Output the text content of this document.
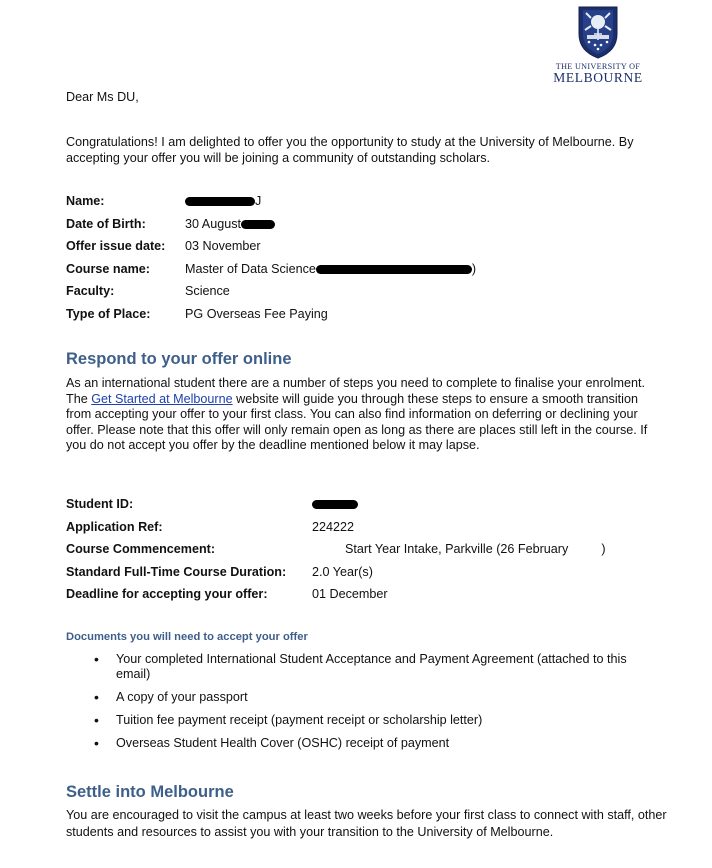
THE UNIVERSITY OF
MELBOURNE

Dear Ms DU,

Congratulations! I am delighted to offer you the opportunity to study at the University of Melbourne. By accepting your offer you will be joining a community of outstanding scholars.

Name:	J
Date of Birth:	30 August
Offer issue date: 03 November
Course name:	Master of Data Science	)
Faculty:	Science
Type of Place:	PG Overseas Fee Paying
Respond to your offer online

As an international student there are a number of steps you need to complete to finalise your enrolment. The Get Started at Melbourne website will guide you through these steps to ensure a smooth transition from accepting your offer to your first class. You can also find information on deferring or declining your offer. Please note that this offer will only remain open as long as there are places still left in the course. If you do not accept you offer by the deadline mentioned below it may lapse.

Student ID:
Application Ref:	224222
Course Commencement:	Start Year Intake, Parkville (26 February	)
Standard Full-Time Course Duration: 2.0 Year(s)
Deadline for accepting your offer:	01 December
Documents you will need to accept your offer
• Your completed International Student Acceptance and Payment Agreement (attached to this email)
• A copy of your passport
• Tuition fee payment receipt (payment receipt or scholarship letter)
• Overseas Student Health Cover (OSHC) receipt of payment
Settle into Melbourne

You are encouraged to visit the campus at least two weeks before your first class to connect with staff, other students and resources to assist you with your transition to the University of Melbourne.
